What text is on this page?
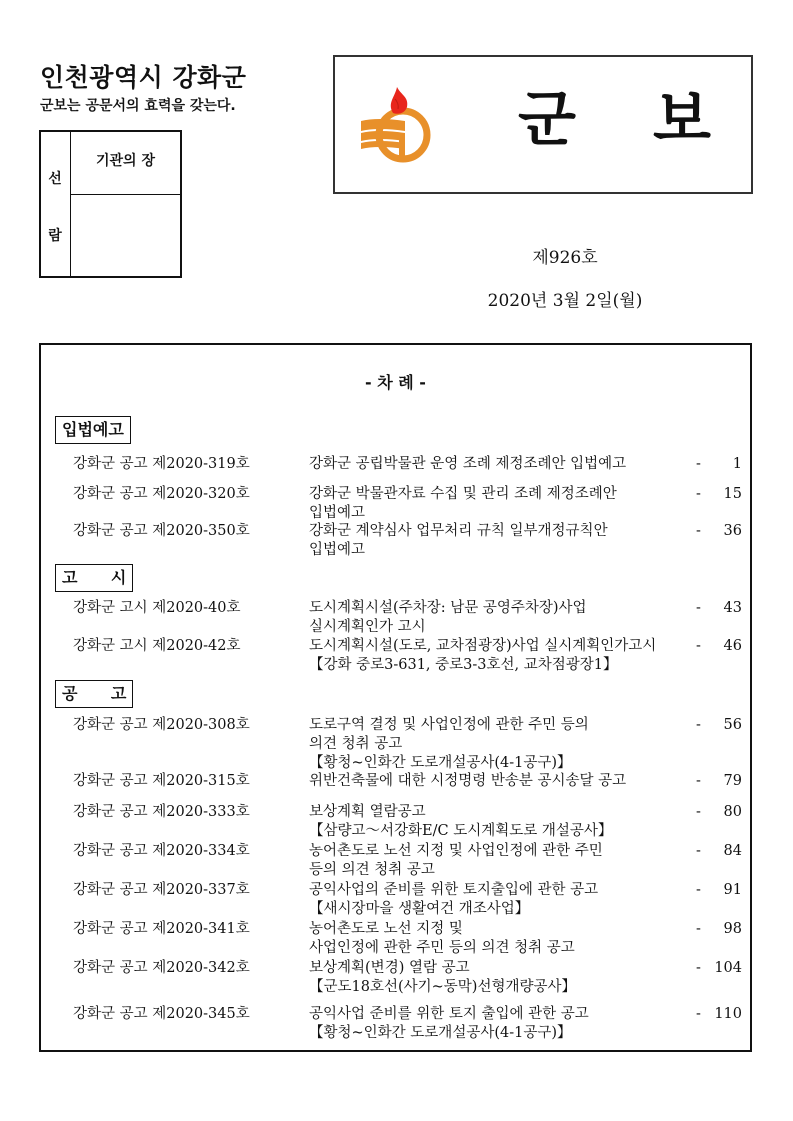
인천광역시 강화군
군보는 공문서의 효력을 갖는다.
선
람
기관의 장
군 보
제926호
2020년 3월 2일(월)
- 차 례 -
입법예고
강화군 공고 제2020-319호	강화군 공립박물관 운영 조례 제정조례안 입법예고	- 1
강화군 공고 제2020-320호	강화군 박물관자료 수집 및 관리 조례 제정조례안
입법예고
- 15
강화군 공고 제2020-350호	강화군 계약심사 업무처리 규칙 일부개정규칙안
입법예고
- 36
고      시
강화군 고시 제2020-40호	도시계획시설(주차장: 남문 공영주차장)사업
실시계획인가 고시
- 43
강화군 고시 제2020-42호	도시계획시설(도로, 교차점광장)사업 실시계획인가고시
【강화 중로3-631, 중로3-3호선, 교차점광장1】
- 46
공      고
강화군 공고 제2020-308호	도로구역 결정 및 사업인정에 관한 주민 등의
의견 청취 공고
【황청~인화간 도로개설공사(4-1공구)】
- 56
강화군 공고 제2020-315호	위반건축물에 대한 시정명령 반송분 공시송달 공고	- 79
강화군 공고 제2020-333호	보상계획 열람공고
【삼량고～서강화E/C 도시계획도로 개설공사】
- 80
강화군 공고 제2020-334호	농어촌도로 노선 지정 및 사업인정에 관한 주민
등의 의견 청취 공고
- 84
강화군 공고 제2020-337호	공익사업의 준비를 위한 토지출입에 관한 공고
【새시장마을 생활여건 개조사업】
- 91
강화군 공고 제2020-341호	농어촌도로 노선 지정 및
사업인정에 관한 주민 등의 의견 청취 공고
- 98
강화군 공고 제2020-342호	보상계획(변경) 열람 공고
【군도18호선(사기~동막)선형개량공사】
- 104
강화군 공고 제2020-345호	공익사업 준비를 위한 토지 출입에 관한 공고
【황청~인화간 도로개설공사(4-1공구)】
- 110
